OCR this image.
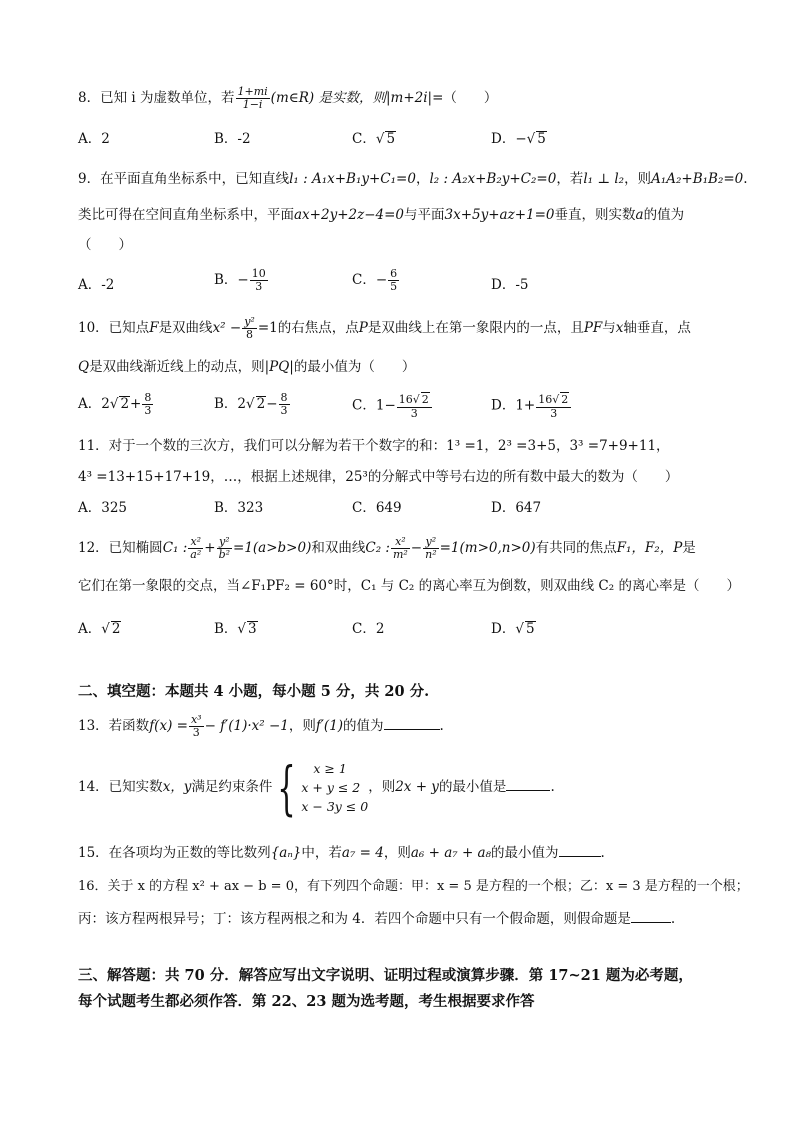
8．已知 i 为虚数单位，若 $\frac{1+mi}{1-i}$ (m∈R) 是实数，则|m+2i|=（　　）
A．2	B．-2	C．√ 5	D．−√ 5
9．在平面直角坐标系中，已知直线l₁ : A₁x+B₁y+C₁=0，l₂ : A₂x+B₂y+C₂=0，若l₁ ⊥ l₂，则A₁A₂+B₁B₂=0.
类比可得在空间直角坐标系中，平面ax+2y+2z−4=0与平面3x+5y+az+1=0垂直，则实数a的值为
（　　）
A．-2	B．− $\frac{10}{3}$	C．− $\frac{6}{5}$	D．-5
10．已知点F是双曲线$x^2 - \frac{\text{y²}}{8} =1$的右焦点，点P是双曲线上在第一象限内的一点，且PF与x轴垂直，点
Q是双曲线渐近线上的动点，则|PQ|的最小值为（　　）
A．2√ $2+ \frac{8}{3}$	B．2√ $2- \frac{8}{3}$	C．$1- \frac{16√ 2}{3}$	D．$1+ \frac{16√ 2}{3}$
11．对于一个数的三次方，我们可以分解为若干个数字的和：1³ =1，2³ =3+5，3³ =7+9+11，
4³ =13+15+17+19，…，根据上述规律，25³的分解式中等号右边的所有数中最大的数为（　　）
A．325	B．323	C．649	D．647
12．已知椭圆C₁ : $\frac{\text{x²}}{\text{a²}} + \frac{\text{y²}}{\text{b²}} =1(a>b>0)$和双曲线C₂ : $\frac{\text{x²}}{\text{m²}} - \frac{\text{y²}}{\text{n²}} =1(m>0,n>0)$有共同的焦点F₁，F₂，P是
它们在第一象限的交点，当∠F₁PF₂ = 60°时，C₁ 与 C₂ 的离心率互为倒数，则双曲线 C₂ 的离心率是（　　）
A．√ 2	B．√ 3	C．2	D．√ 5
二、填空题：本题共 4 小题，每小题 5 分，共 20 分.
13．若函数$f(x) = \frac{\text{x³}}{3} - f'(1)\cdot x^2 -1$，则f′(1)的值为	.
14．已知实数x，y满足约束条件{	x ≥ 1
x + y ≤ 2
x − 3y ≤ 0
，则2x + y的最小值是	.
15．在各项均为正数的等比数列{aₙ}中，若a₇ = 4，则a₆ + a₇ + a₈的最小值为	.
16．关于 x 的方程 x² + ax − b = 0，有下列四个命题：甲：x = 5 是方程的一个根；乙：x = 3 是方程的一个根；
丙：该方程两根异号；丁：该方程两根之和为 4．若四个命题中只有一个假命题，则假命题是	.
三、解答题：共 70 分．解答应写出文字说明、证明过程或演算步骤．第 17~21 题为必考题，
每个试题考生都必须作答．第 22、23 题为选考题，考生根据要求作答
